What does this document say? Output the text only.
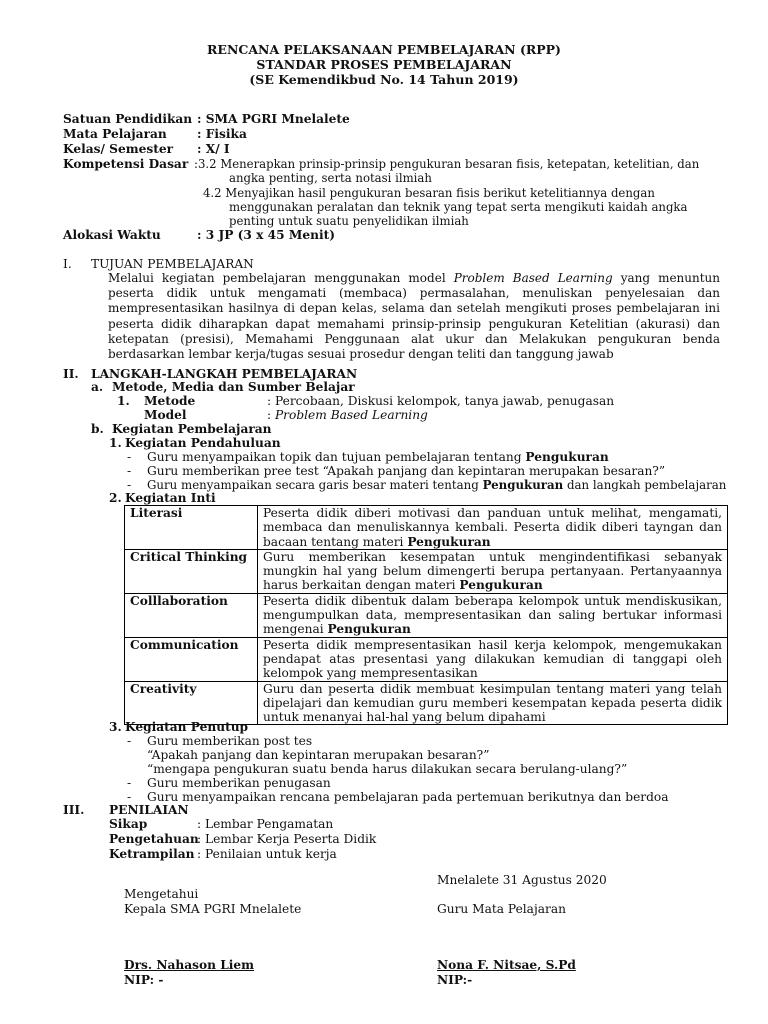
RENCANA PELAKSANAAN PEMBELAJARAN (RPP)
STANDAR PROSES PEMBELAJARAN
(SE Kemendikbud No. 14 Tahun 2019)
Satuan Pendidikan : SMA PGRI Mnelalete
Mata Pelajaran : Fisika
Kelas/ Semester : X/ I
Kompetensi Dasar :3.2 Menerapkan prinsip-prinsip pengukuran besaran fisis, ketepatan, ketelitian, dan
angka penting, serta notasi ilmiah
4.2 Menyajikan hasil pengukuran besaran fisis berikut ketelitiannya dengan
menggunakan peralatan dan teknik yang tepat serta mengikuti kaidah angka
penting untuk suatu penyelidikan ilmiah
Alokasi Waktu	: 3 JP (3 x 45 Menit)
I. TUJUAN PEMBELAJARAN
Melalui kegiatan pembelajaran menggunakan model Problem Based Learning yang menuntun peserta didik untuk mengamati (membaca) permasalahan, menuliskan penyelesaian dan mempresentasikan hasilnya di depan kelas, selama dan setelah mengikuti proses pembelajaran ini peserta didik diharapkan dapat memahami prinsip-prinsip pengukuran Ketelitian (akurasi) dan ketepatan (presisi), Memahami Penggunaan alat ukur dan Melakukan pengukuran benda berdasarkan lembar kerja/tugas sesuai prosedur dengan teliti dan tanggung jawab
II. LANGKAH-LANGKAH PEMBELAJARAN
a. Metode, Media dan Sumber Belajar
1. Metode	: Percobaan, Diskusi kelompok, tanya jawab, penugasan
Model	: Problem Based Learning
b. Kegiatan Pembelajaran
1. Kegiatan Pendahuluan
- Guru menyampaikan topik dan tujuan pembelajaran tentang Pengukuran
- Guru memberikan pree test “Apakah panjang dan kepintaran merupakan besaran?”
- Guru menyampaikan secara garis besar materi tentang Pengukuran dan langkah pembelajaran
2. Kegiatan Inti
Literasi	Peserta didik diberi motivasi dan panduan untuk melihat, mengamati, membaca dan menuliskannya kembali. Peserta didik diberi tayngan dan bacaan tentang materi Pengukuran
Critical Thinking	Guru memberikan kesempatan untuk mengindentifikasi sebanyak mungkin hal yang belum dimengerti berupa pertanyaan. Pertanyaannya harus berkaitan dengan materi Pengukuran
Colllaboration	Peserta didik dibentuk dalam beberapa kelompok untuk mendiskusikan, mengumpulkan data, mempresentasikan dan saling bertukar informasi mengenai Pengukuran
Communication	Peserta didik mempresentasikan hasil kerja kelompok, mengemukakan pendapat atas presentasi yang dilakukan kemudian di tanggapi oleh kelompok yang mempresentasikan
Creativity	Guru dan peserta didik membuat kesimpulan tentang materi yang telah dipelajari dan kemudian guru memberi kesempatan kepada peserta didik untuk menanyai hal-hal yang belum dipahami
3. Kegiatan Penutup
- Guru memberikan post tes
“Apakah panjang dan kepintaran merupakan besaran?”
“mengapa pengukuran suatu benda harus dilakukan secara berulang-ulang?”
- Guru memberikan penugasan
- Guru menyampaikan rencana pembelajaran pada pertemuan berikutnya dan berdoa
III. PENILAIAN
Sikap	: Lembar Pengamatan
Pengetahuan
: Lembar Kerja Peserta Didik
Ketrampilan : Penilaian untuk kerja
Mnelalete 31 Agustus 2020
Mengetahui
Kepala SMA PGRI Mnelalete	Guru Mata Pelajaran
Drs. Nahason Liem	Nona F. Nitsae, S.Pd
NIP: -	NIP:-
